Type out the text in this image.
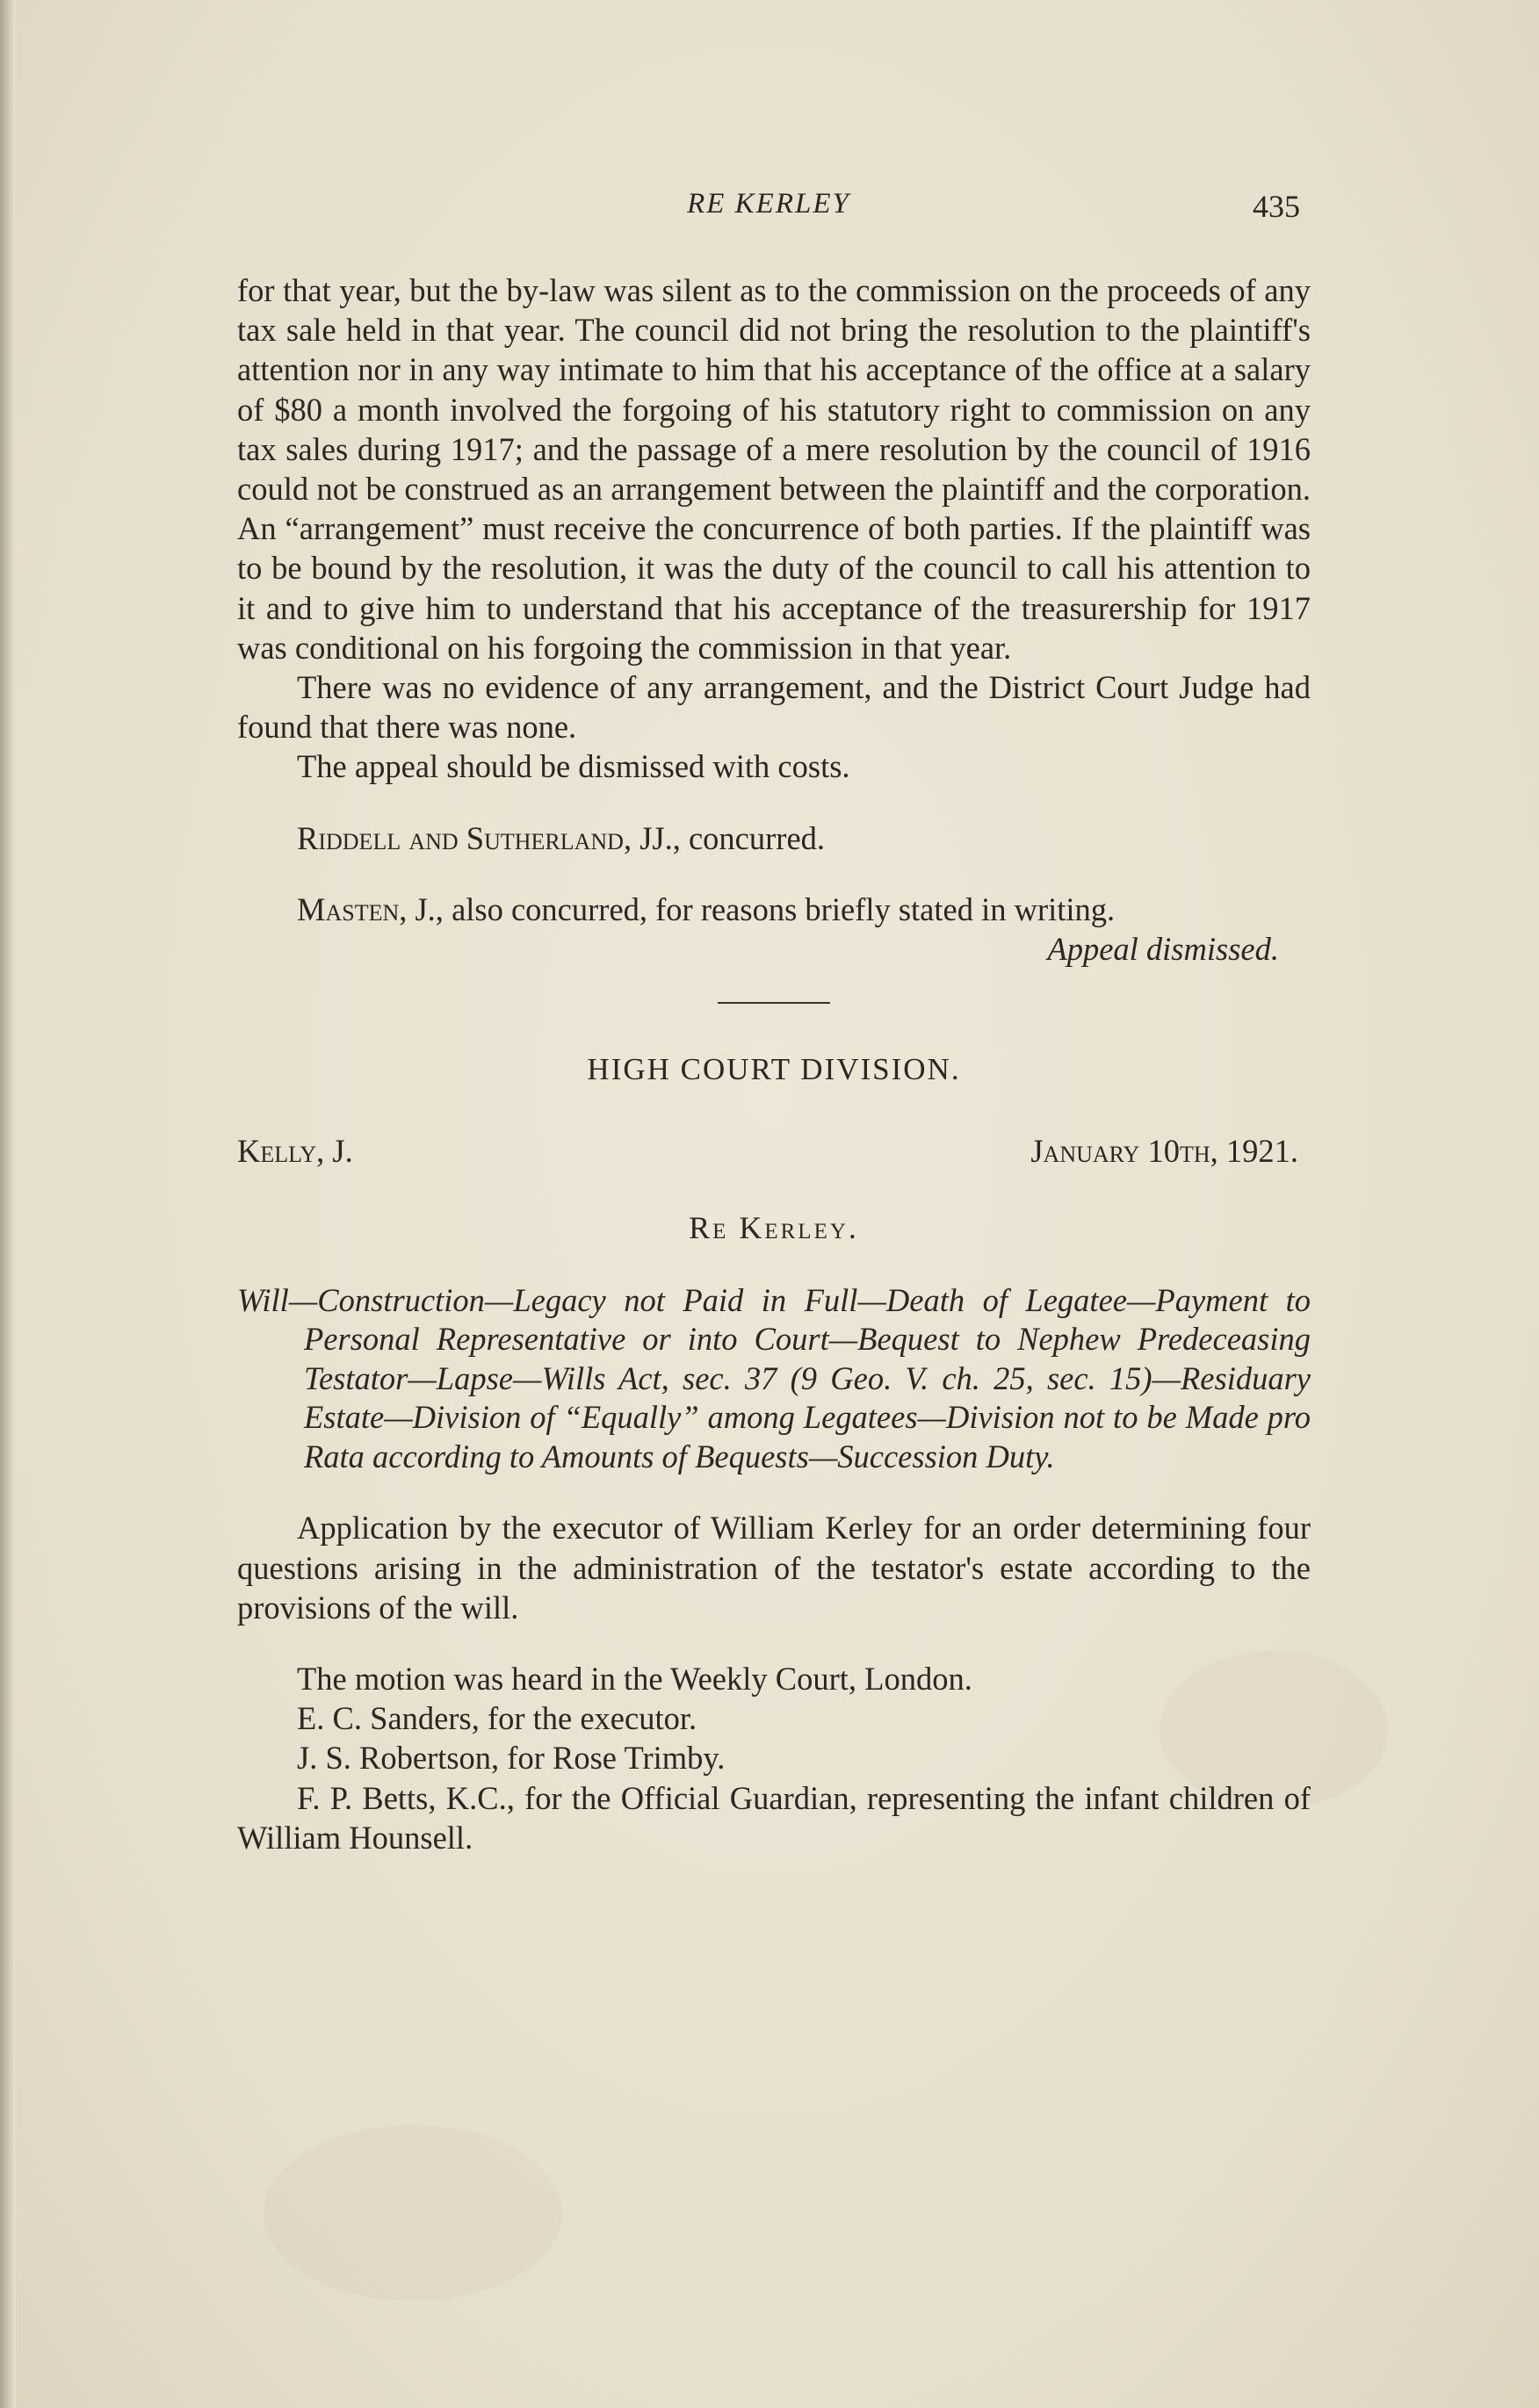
RE KERLEY	435

for that year, but the by-law was silent as to the commission on the proceeds of any tax sale held in that year. The council did not bring the resolution to the plaintiff's attention nor in any way intimate to him that his acceptance of the office at a salary of $80 a month involved the forgoing of his statutory right to commission on any tax sales during 1917; and the passage of a mere resolution by the council of 1916 could not be construed as an arrangement between the plaintiff and the corporation. An “arrangement” must receive the concurrence of both parties. If the plaintiff was to be bound by the resolution, it was the duty of the council to call his attention to it and to give him to understand that his acceptance of the treasurership for 1917 was conditional on his forgoing the commission in that year.

There was no evidence of any arrangement, and the District Court Judge had found that there was none.

The appeal should be dismissed with costs.

Riddell and Sutherland, JJ., concurred.

Masten, J., also concurred, for reasons briefly stated in writing.

Appeal dismissed.

HIGH COURT DIVISION.
Kelly, J.	January 10th, 1921.
Re Kerley.

Will—Construction—Legacy not Paid in Full—Death of Legatee—Payment to Personal Representative or into Court—Bequest to Nephew Predeceasing Testator—Lapse—Wills Act, sec. 37 (9 Geo. V. ch. 25, sec. 15)—Residuary Estate—Division of “Equally” among Legatees—Division not to be Made pro Rata according to Amounts of Bequests—Succession Duty.

Application by the executor of William Kerley for an order determining four questions arising in the administration of the testator's estate according to the provisions of the will.

The motion was heard in the Weekly Court, London.

E. C. Sanders, for the executor.

J. S. Robertson, for Rose Trimby.

F. P. Betts, K.C., for the Official Guardian, representing the infant children of William Hounsell.
